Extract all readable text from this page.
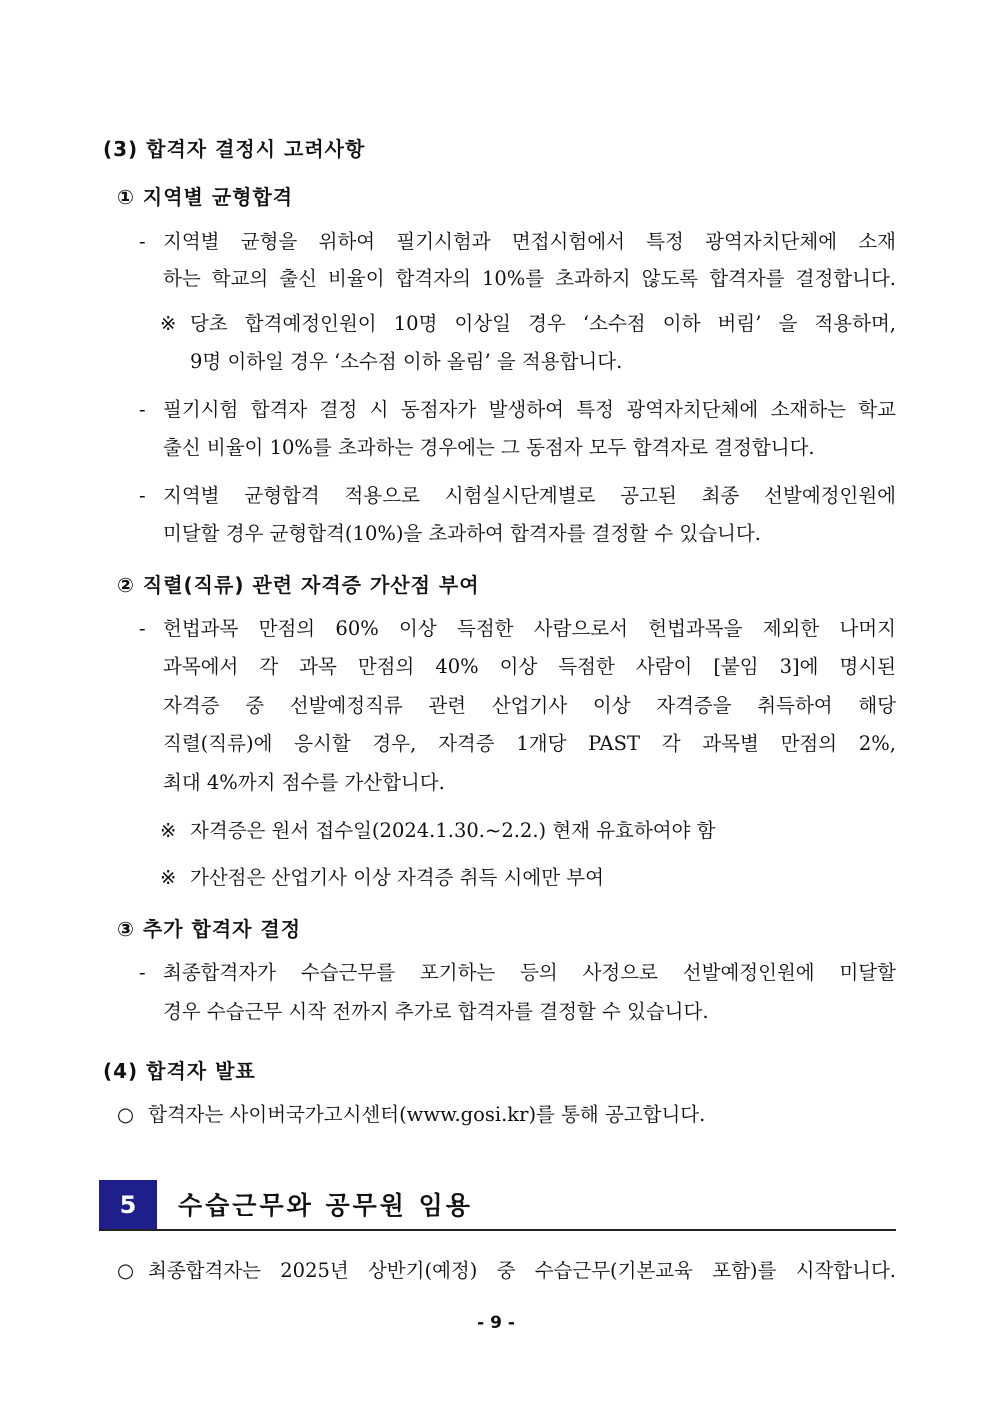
(3) 합격자 결정시 고려사항
① 지역별 균형합격
- 지역별 균형을 위하여 필기시험과 면접시험에서 특정 광역자치단체에 소재
하는 학교의 출신 비율이 합격자의 10%를 초과하지 않도록 합격자를 결정합니다.
※ 당초 합격예정인원이 10명 이상일 경우 ‘소수점 이하 버림’ 을 적용하며,
9명 이하일 경우 ‘소수점 이하 올림’ 을 적용합니다.
- 필기시험 합격자 결정 시 동점자가 발생하여 특정 광역자치단체에 소재하는 학교
출신 비율이 10%를 초과하는 경우에는 그 동점자 모두 합격자로 결정합니다.
- 지역별 균형합격 적용으로 시험실시단계별로 공고된 최종 선발예정인원에
미달할 경우 균형합격(10%)을 초과하여 합격자를 결정할 수 있습니다.
② 직렬(직류) 관련 자격증 가산점 부여
- 헌법과목 만점의 60% 이상 득점한 사람으로서 헌법과목을 제외한 나머지
과목에서 각 과목 만점의 40% 이상 득점한 사람이 [붙임 3]에 명시된
자격증 중 선발예정직류 관련 산업기사 이상 자격증을 취득하여 해당
직렬(직류)에 응시할 경우, 자격증 1개당 PAST 각 과목별 만점의 2%,
최대 4%까지 점수를 가산합니다.
※ 자격증은 원서 접수일(2024.1.30.~2.2.) 현재 유효하여야 함
※ 가산점은 산업기사 이상 자격증 취득 시에만 부여
③ 추가 합격자 결정
- 최종합격자가 수습근무를 포기하는 등의 사정으로 선발예정인원에 미달할
경우 수습근무 시작 전까지 추가로 합격자를 결정할 수 있습니다.
(4) 합격자 발표
○ 합격자는 사이버국가고시센터(www.gosi.kr)를 통해 공고합니다.
5	수습근무와 공무원 임용
○ 최종합격자는 2025년 상반기(예정) 중 수습근무(기본교육 포함)를 시작합니다.
- 9 -
